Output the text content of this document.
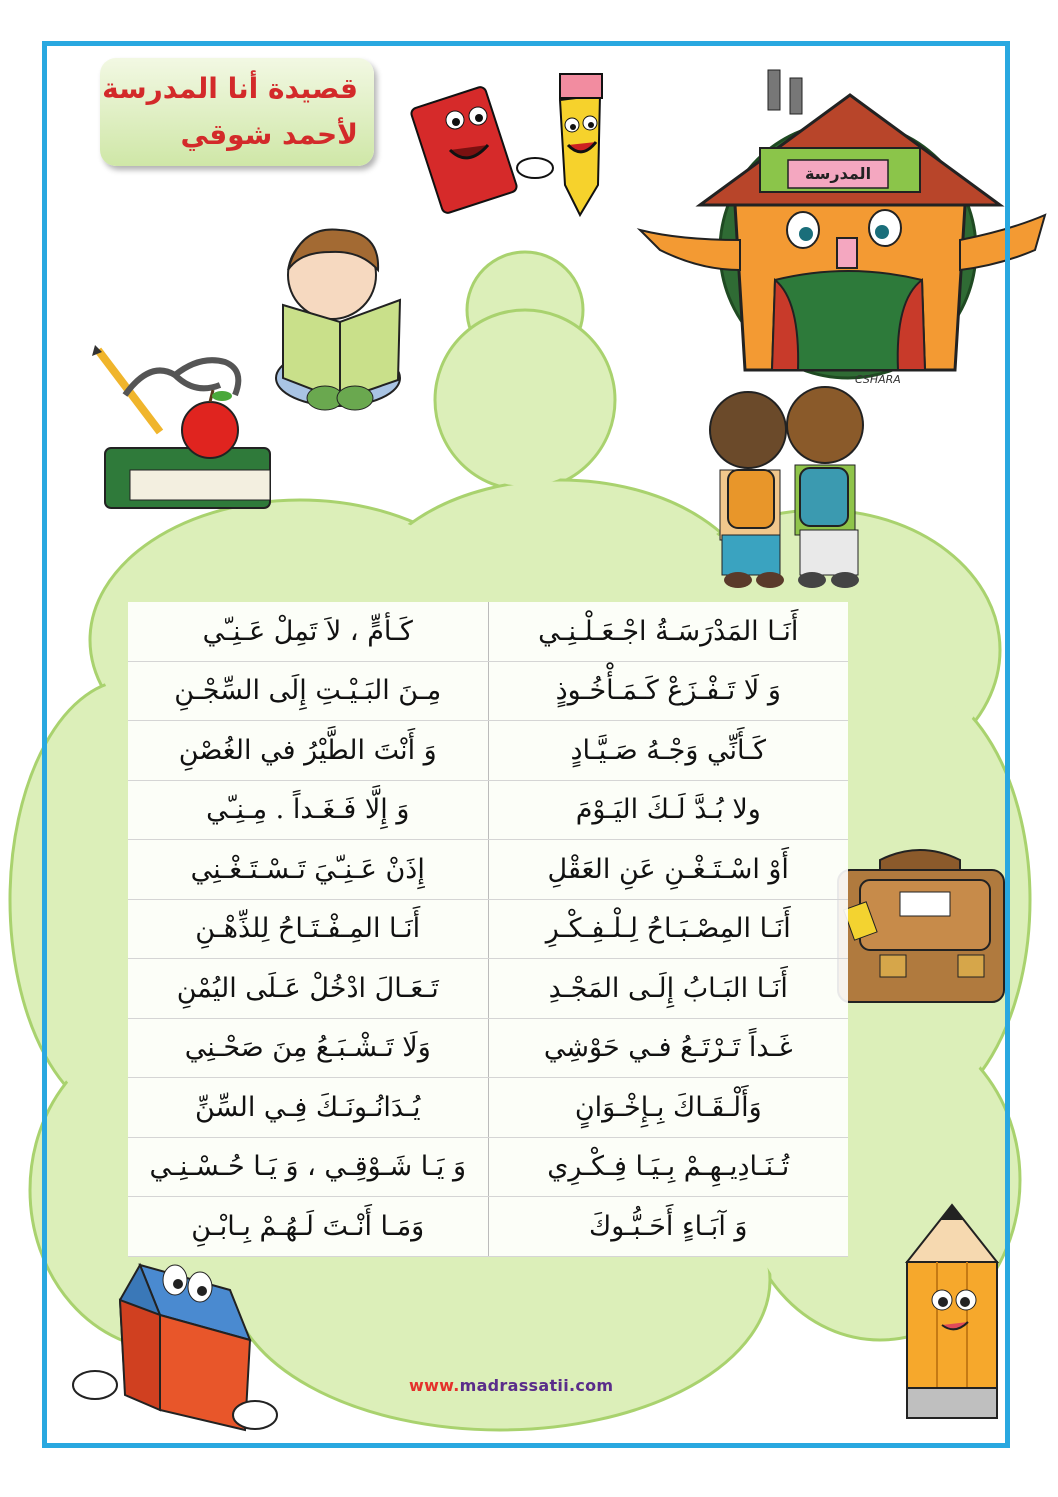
قصيدة أنا المدرسة
لأحمد شوقي
المدرسة
CSHARA
أَنَـا المَدْرَسَـةُ اجْـعَـلْـنِـي	كَـأمٍّ ، لاَ تَمِلْ عَـنِـّي
وَ لَا تَـفْـزَعْ كَـمَـأْخُـوذٍ	مِـنَ البَـيْـتِ إِلَى السِّجْـنِ
كَـأَنِّي وَجْـهُ صَـيَّـادٍ	وَ أَنْتَ الطَّيْرُ في الغُصْنِ
ولا بُـدَّ لَـكَ اليَـوْمَ	وَ إِلَّا فَـغَـداً . مِـنِـّي
أَوْ اسْـتَـغْـنِ عَنِ العَقْلِ	إِذَنْ عَـنِـّيَ تَـسْـتَـغْـنِي
أَنَـا المِصْـبَـاحُ لِـلْـفِـكْـرِ	أَنَـا المِـفْـتَـاحُ لِلذِّهْـنِ
أَنَـا البَـابُ إِلَـى المَجْـدِ	تَـعَـالَ ادْخُلْ عَـلَى اليُمْنِ
غَـداً تَـرْتَـعُ فـي حَوْشِي	وَلَا تَـشْـبَـعُ مِنَ صَحْـنِي
وَأَلْـقَـاكَ بِـإِخْـوَانٍ	يُـدَانُـونَـكَ فِـي السِّنِّ
تُـنَـادِيـهِـمْ بِـيَـا فِـكْـرِي	وَ يَـا شَـوْقِـي ، وَ يَـا حُـسْـنِـي
وَ آبَـاءٍ أَحَـبُّـوكَ	وَمَـا أَنْـتَ لَـهُـمْ بِـابْـنِ
www.madrassatii.com
